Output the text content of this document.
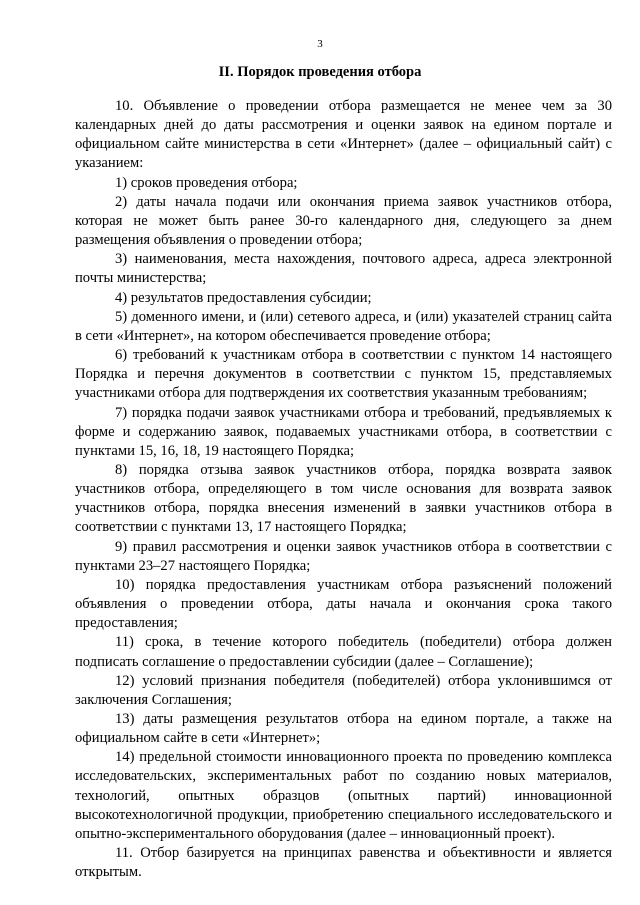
3
II. Порядок проведения отбора

10. Объявление о проведении отбора размещается не менее чем за 30 календарных дней до даты рассмотрения и оценки заявок на едином портале и официальном сайте министерства в сети «Интернет» (далее – официальный сайт) с указанием:

1) сроков проведения отбора;

2) даты начала подачи или окончания приема заявок участников отбора, которая не может быть ранее 30-го календарного дня, следующего за днем размещения объявления о проведении отбора;

3) наименования, места нахождения, почтового адреса, адреса электронной почты министерства;

4) результатов предоставления субсидии;

5) доменного имени, и (или) сетевого адреса, и (или) указателей страниц сайта в сети «Интернет», на котором обеспечивается проведение отбора;

6) требований к участникам отбора в соответствии с пунктом 14 настоящего Порядка и перечня документов в соответствии с пунктом 15, представляемых участниками отбора для подтверждения их соответствия указанным требованиям;

7) порядка подачи заявок участниками отбора и требований, предъявляемых к форме и содержанию заявок, подаваемых участниками отбора, в соответствии с пунктами 15, 16, 18, 19 настоящего Порядка;

8) порядка отзыва заявок участников отбора, порядка возврата заявок участников отбора, определяющего в том числе основания для возврата заявок участников отбора, порядка внесения изменений в заявки участников отбора в соответствии с пунктами 13, 17 настоящего Порядка;

9) правил рассмотрения и оценки заявок участников отбора в соответствии с пунктами 23–27 настоящего Порядка;

10) порядка предоставления участникам отбора разъяснений положений объявления о проведении отбора, даты начала и окончания срока такого предоставления;

11) срока, в течение которого победитель (победители) отбора должен подписать соглашение о предоставлении субсидии (далее – Соглашение);

12) условий признания победителя (победителей) отбора уклонившимся от заключения Соглашения;

13) даты размещения результатов отбора на едином портале, а также на официальном сайте в сети «Интернет»;

14) предельной стоимости инновационного проекта по проведению комплекса исследовательских, экспериментальных работ по созданию новых материалов, технологий, опытных образцов (опытных партий) инновационной высокотехнологичной продукции, приобретению специального исследовательского и опытно-экспериментального оборудования (далее – инновационный проект).

11. Отбор базируется на принципах равенства и объективности и является открытым.
